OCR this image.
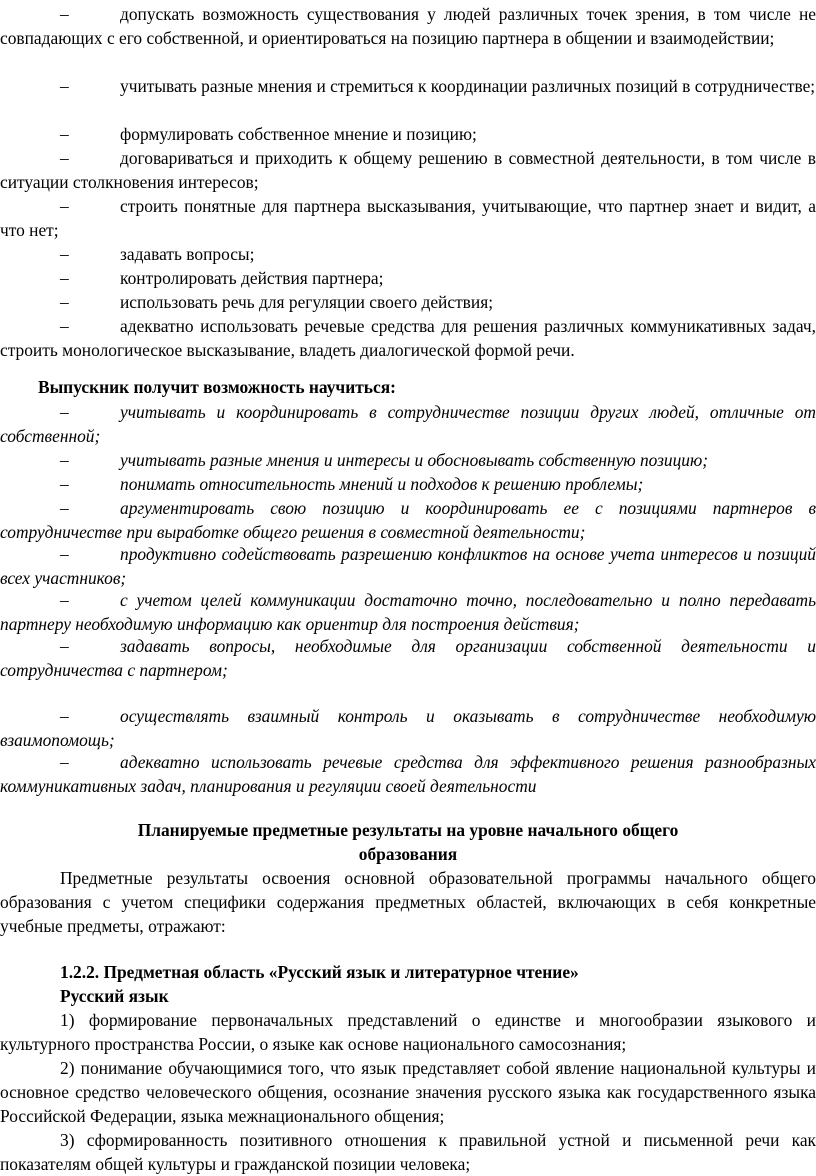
–	допускать возможность существования у людей различных точек зрения, в том числе не совпадающих с его собственной, и ориентироваться на позицию партнера в общении и взаимодействии;
–	учитывать разные мнения и стремиться к координации различных позиций в сотрудничестве;
–	формулировать собственное мнение и позицию;
–	договариваться и приходить к общему решению в совместной деятельности, в том числе в ситуации столкновения интересов;
–	строить понятные для партнера высказывания, учитывающие, что партнер знает и видит, а что нет;
–	задавать вопросы;
–	контролировать действия партнера;
–	использовать речь для регуляции своего действия;
–	адекватно использовать речевые средства для решения различных коммуникативных задач, строить монологическое высказывание, владеть диалогической формой речи.
Выпускник получит возможность научиться:
–	учитывать и координировать в сотрудничестве позиции других людей, отличные от собственной;
–	учитывать разные мнения и интересы и обосновывать собственную позицию;
–	понимать относительность мнений и подходов к решению проблемы;
–	аргументировать свою позицию и координировать ее с позициями партнеров в сотрудничестве при выработке общего решения в совместной деятельности;
–	продуктивно содействовать разрешению конфликтов на основе учета интересов и позиций всех участников;
–	с учетом целей коммуникации достаточно точно, последовательно и полно передавать партнеру необходимую информацию как ориентир для построения действия;
–	задавать вопросы, необходимые для организации собственной деятельности и сотрудничества с партнером;
–	осуществлять взаимный контроль и оказывать в сотрудничестве необходимую взаимопомощь;
–	адекватно использовать речевые средства для эффективного решения разнообразных коммуникативных задач, планирования и регуляции своей деятельности
Планируемые предметные результаты на уровне начального общего
образования
Предметные результаты освоения основной образовательной программы начального общего образования с учетом специфики содержания предметных областей, включающих в себя конкретные учебные предметы, отражают:
1.2.2. Предметная область «Русский язык и литературное чтение»
Русский язык
1) формирование первоначальных представлений о единстве и многообразии языкового и культурного пространства России, о языке как основе национального самосознания;
2) понимание обучающимися того, что язык представляет собой явление национальной культуры и основное средство человеческого общения, осознание значения русского языка как государственного языка Российской Федерации, языка межнационального общения;
3) сформированность позитивного отношения к правильной устной и письменной речи как показателям общей культуры и гражданской позиции человека;
